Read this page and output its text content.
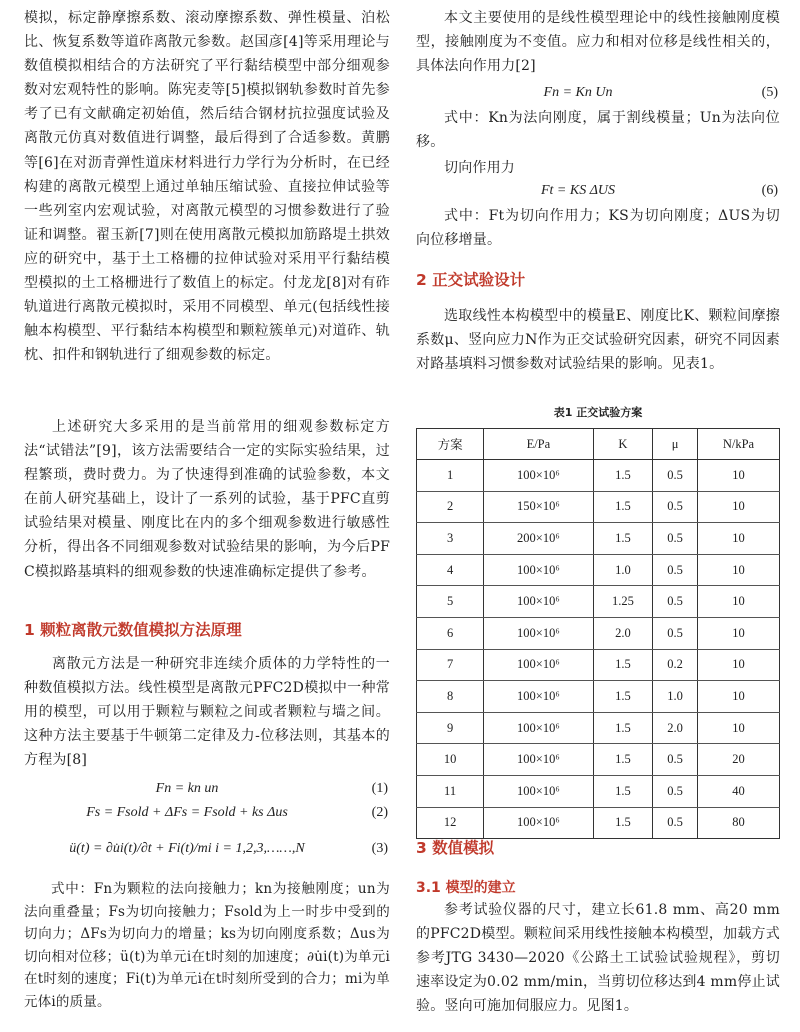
模拟，标定静摩擦系数、滚动摩擦系数、弹性模量、泊松比、恢复系数等道砟离散元参数。赵国彦[4]等采用理论与数值模拟相结合的方法研究了平行黏结模型中部分细观参数对宏观特性的影响。陈宪麦等[5]模拟钢轨参数时首先参考了已有文献确定初始值，然后结合钢材抗拉强度试验及离散元仿真对数值进行调整，最后得到了合适参数。黄鹏等[6]在对沥青弹性道床材料进行力学行为分析时，在已经构建的离散元模型上通过单轴压缩试验、直接拉伸试验等一些列室内宏观试验，对离散元模型的习惯参数进行了验证和调整。翟玉新[7]则在使用离散元模拟加筋路堤土拱效应的研究中，基于土工格栅的拉伸试验对采用平行黏结模型模拟的土工格栅进行了数值上的标定。付龙龙[8]对有砟轨道进行离散元模拟时，采用不同模型、单元(包括线性接触本构模型、平行黏结本构模型和颗粒簇单元)对道砟、轨枕、扣件和钢轨进行了细观参数的标定。

上述研究大多采用的是当前常用的细观参数标定方法“试错法”[9]，该方法需要结合一定的实际实验结果，过程繁琐，费时费力。为了快速得到准确的试验参数，本文在前人研究基础上，设计了一系列的试验，基于PFC直剪试验结果对模量、刚度比在内的多个细观参数进行敏感性分析，得出各不同细观参数对试验结果的影响，为今后PFC模拟路基填料的细观参数的快速准确标定提供了参考。

1 颗粒离散元数值模拟方法原理

离散元方法是一种研究非连续介质体的力学特性的一种数值模拟方法。线性模型是离散元PFC2D模拟中一种常用的模型，可以用于颗粒与颗粒之间或者颗粒与墙之间。这种方法主要基于牛顿第二定律及力-位移法则，其基本的方程为[8]

Fn = kn un	(1)
Fs = Fsold + ΔFs = Fsold + ks Δus	(2)
ü(t) = ∂u̇i(t)/∂t + Fi(t)/mi i = 1,2,3,……,N	(3)

式中：Fn为颗粒的法向接触力；kn为接触刚度；un为法向重叠量；Fs为切向接触力；Fsold为上一时步中受到的切向力；ΔFs为切向力的增量；ks为切向刚度系数；Δus为切向相对位移；ü(t)为单元i在t时刻的加速度；∂u̇i(t)为单元i在t时刻的速度；Fi(t)为单元i在t时刻所受到的合力；mi为单元体i的质量。

本文主要使用的是线性模型理论中的线性接触刚度模型，接触刚度为不变值。应力和相对位移是线性相关的，具体法向作用力[2]

Fn = Kn Un	(5)

式中：Kn为法向刚度，属于割线模量；Un为法向位移。

切向作用力

Ft = KS ΔUS	(6)

式中：Ft为切向作用力；KS为切向刚度；ΔUS为切向位移增量。

2 正交试验设计

选取线性本构模型中的模量E、刚度比K、颗粒间摩擦系数μ、竖向应力N作为正交试验研究因素，研究不同因素对路基填料习惯参数对试验结果的影响。见表1。

表1 正交试验方案

方案	E/Pa	K	μ	N/kPa
1	100×10⁶	1.5	0.5	10
2	150×10⁶	1.5	0.5	10
3	200×10⁶	1.5	0.5	10
4	100×10⁶	1.0	0.5	10
5	100×10⁶	1.25	0.5	10
6	100×10⁶	2.0	0.5	10
7	100×10⁶	1.5	0.2	10
8	100×10⁶	1.5	1.0	10
9	100×10⁶	1.5	2.0	10
10	100×10⁶	1.5	0.5	20
11	100×10⁶	1.5	0.5	40
12	100×10⁶	1.5	0.5	80

3 数值模拟

3.1 模型的建立

参考试验仪器的尺寸，建立长61.8 mm、高20 mm的PFC2D模型。颗粒间采用线性接触本构模型，加载方式参考JTG 3430—2020《公路土工试验试验规程》，剪切速率设定为0.02 mm/min，当剪切位移达到4 mm停止试验。竖向可施加伺服应力。见图1。
